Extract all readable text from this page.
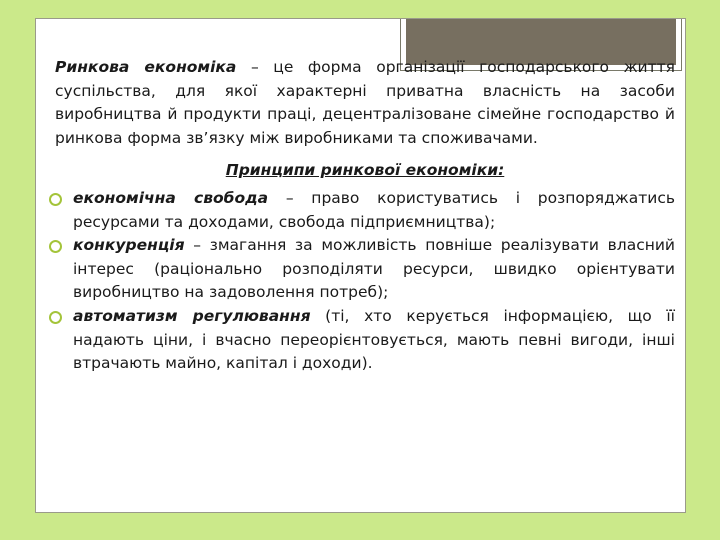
Ринкова економіка – це форма організації господарського життя суспільства, для якої характерні приватна власність на засоби виробництва й продукти праці, децентралізоване сімейне господарство й ринкова форма зв’язку між виробниками та споживачами.

Принципи ринкової економіки:
економічна свобода – право користуватись і розпоряджатись ресурсами та доходами, свобода підприємництва);
конкуренція – змагання за можливість повніше реалізувати власний інтерес (раціонально розподіляти ресурси, швидко орієнтувати виробництво на задоволення потреб);
автоматизм регулювання (ті, хто керується інформацією, що її надають ціни, і вчасно переорієнтовується, мають певні вигоди, інші втрачають майно, капітал і доходи).
